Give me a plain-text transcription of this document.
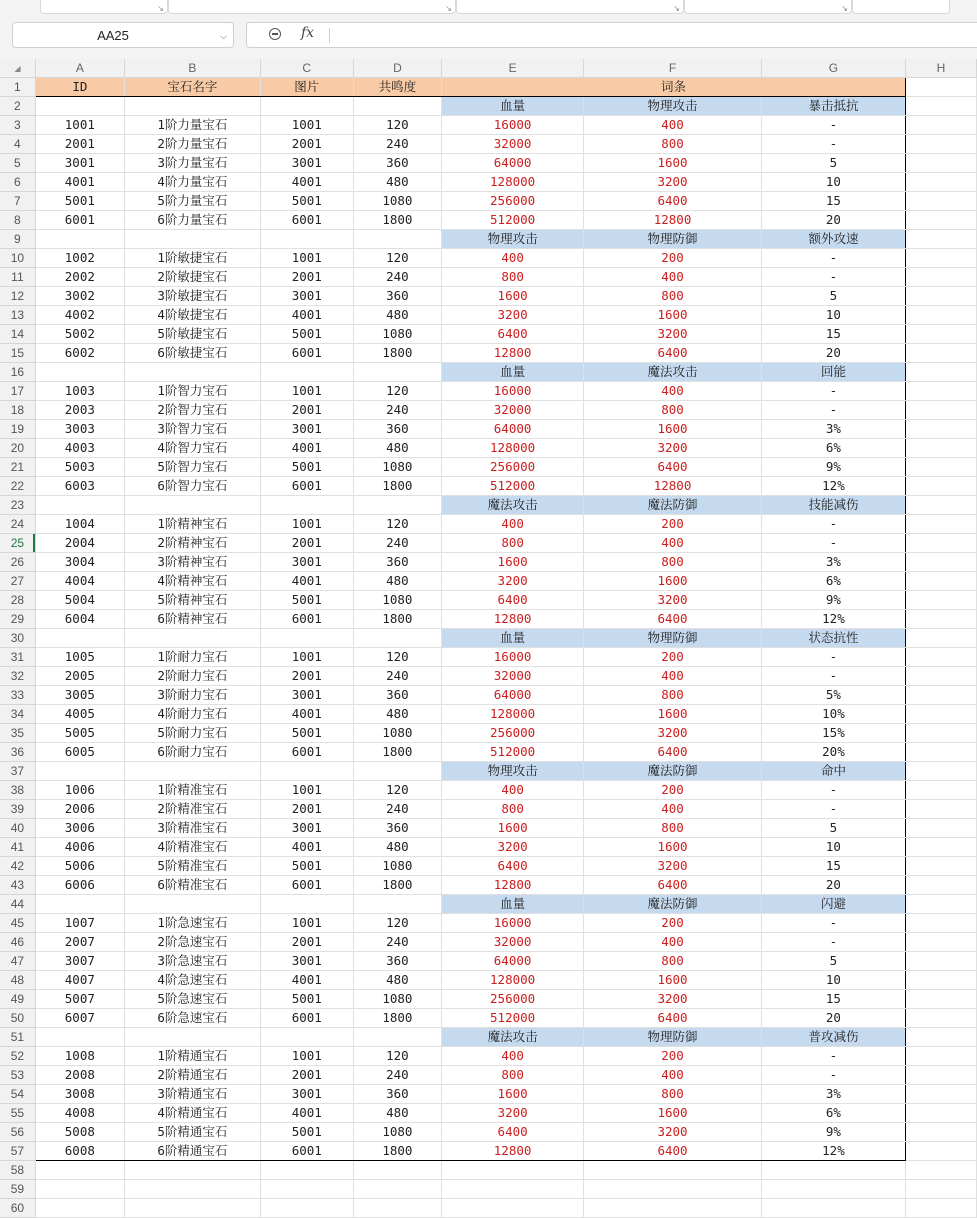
↘	↘	↘	↘
AA25	⌵	fx
◢	A	B	C	D	E	F	G	H
1	ID	宝石名字	图片	共鸣度	词条			
2					血量	物理攻击	暴击抵抗	
3	1001	1阶力量宝石	1001	120	16000	400	-	
4	2001	2阶力量宝石	2001	240	32000	800	-	
5	3001	3阶力量宝石	3001	360	64000	1600	5	
6	4001	4阶力量宝石	4001	480	128000	3200	10	
7	5001	5阶力量宝石	5001	1080	256000	6400	15	
8	6001	6阶力量宝石	6001	1800	512000	12800	20	
9					物理攻击	物理防御	额外攻速	
10	1002	1阶敏捷宝石	1001	120	400	200	-	
11	2002	2阶敏捷宝石	2001	240	800	400	-	
12	3002	3阶敏捷宝石	3001	360	1600	800	5	
13	4002	4阶敏捷宝石	4001	480	3200	1600	10	
14	5002	5阶敏捷宝石	5001	1080	6400	3200	15	
15	6002	6阶敏捷宝石	6001	1800	12800	6400	20	
16					血量	魔法攻击	回能	
17	1003	1阶智力宝石	1001	120	16000	400	-	
18	2003	2阶智力宝石	2001	240	32000	800	-	
19	3003	3阶智力宝石	3001	360	64000	1600	3%	
20	4003	4阶智力宝石	4001	480	128000	3200	6%	
21	5003	5阶智力宝石	5001	1080	256000	6400	9%	
22	6003	6阶智力宝石	6001	1800	512000	12800	12%	
23					魔法攻击	魔法防御	技能减伤	
24	1004	1阶精神宝石	1001	120	400	200	-	
25	2004	2阶精神宝石	2001	240	800	400	-	
26	3004	3阶精神宝石	3001	360	1600	800	3%	
27	4004	4阶精神宝石	4001	480	3200	1600	6%	
28	5004	5阶精神宝石	5001	1080	6400	3200	9%	
29	6004	6阶精神宝石	6001	1800	12800	6400	12%	
30					血量	物理防御	状态抗性	
31	1005	1阶耐力宝石	1001	120	16000	200	-	
32	2005	2阶耐力宝石	2001	240	32000	400	-	
33	3005	3阶耐力宝石	3001	360	64000	800	5%	
34	4005	4阶耐力宝石	4001	480	128000	1600	10%	
35	5005	5阶耐力宝石	5001	1080	256000	3200	15%	
36	6005	6阶耐力宝石	6001	1800	512000	6400	20%	
37					物理攻击	魔法防御	命中	
38	1006	1阶精准宝石	1001	120	400	200	-	
39	2006	2阶精准宝石	2001	240	800	400	-	
40	3006	3阶精准宝石	3001	360	1600	800	5	
41	4006	4阶精准宝石	4001	480	3200	1600	10	
42	5006	5阶精准宝石	5001	1080	6400	3200	15	
43	6006	6阶精准宝石	6001	1800	12800	6400	20	
44					血量	魔法防御	闪避	
45	1007	1阶急速宝石	1001	120	16000	200	-	
46	2007	2阶急速宝石	2001	240	32000	400	-	
47	3007	3阶急速宝石	3001	360	64000	800	5	
48	4007	4阶急速宝石	4001	480	128000	1600	10	
49	5007	5阶急速宝石	5001	1080	256000	3200	15	
50	6007	6阶急速宝石	6001	1800	512000	6400	20	
51					魔法攻击	物理防御	普攻减伤	
52	1008	1阶精通宝石	1001	120	400	200	-	
53	2008	2阶精通宝石	2001	240	800	400	-	
54	3008	3阶精通宝石	3001	360	1600	800	3%	
55	4008	4阶精通宝石	4001	480	3200	1600	6%	
56	5008	5阶精通宝石	5001	1080	6400	3200	9%	
57	6008	6阶精通宝石	6001	1800	12800	6400	12%	
58								
59								
60								
